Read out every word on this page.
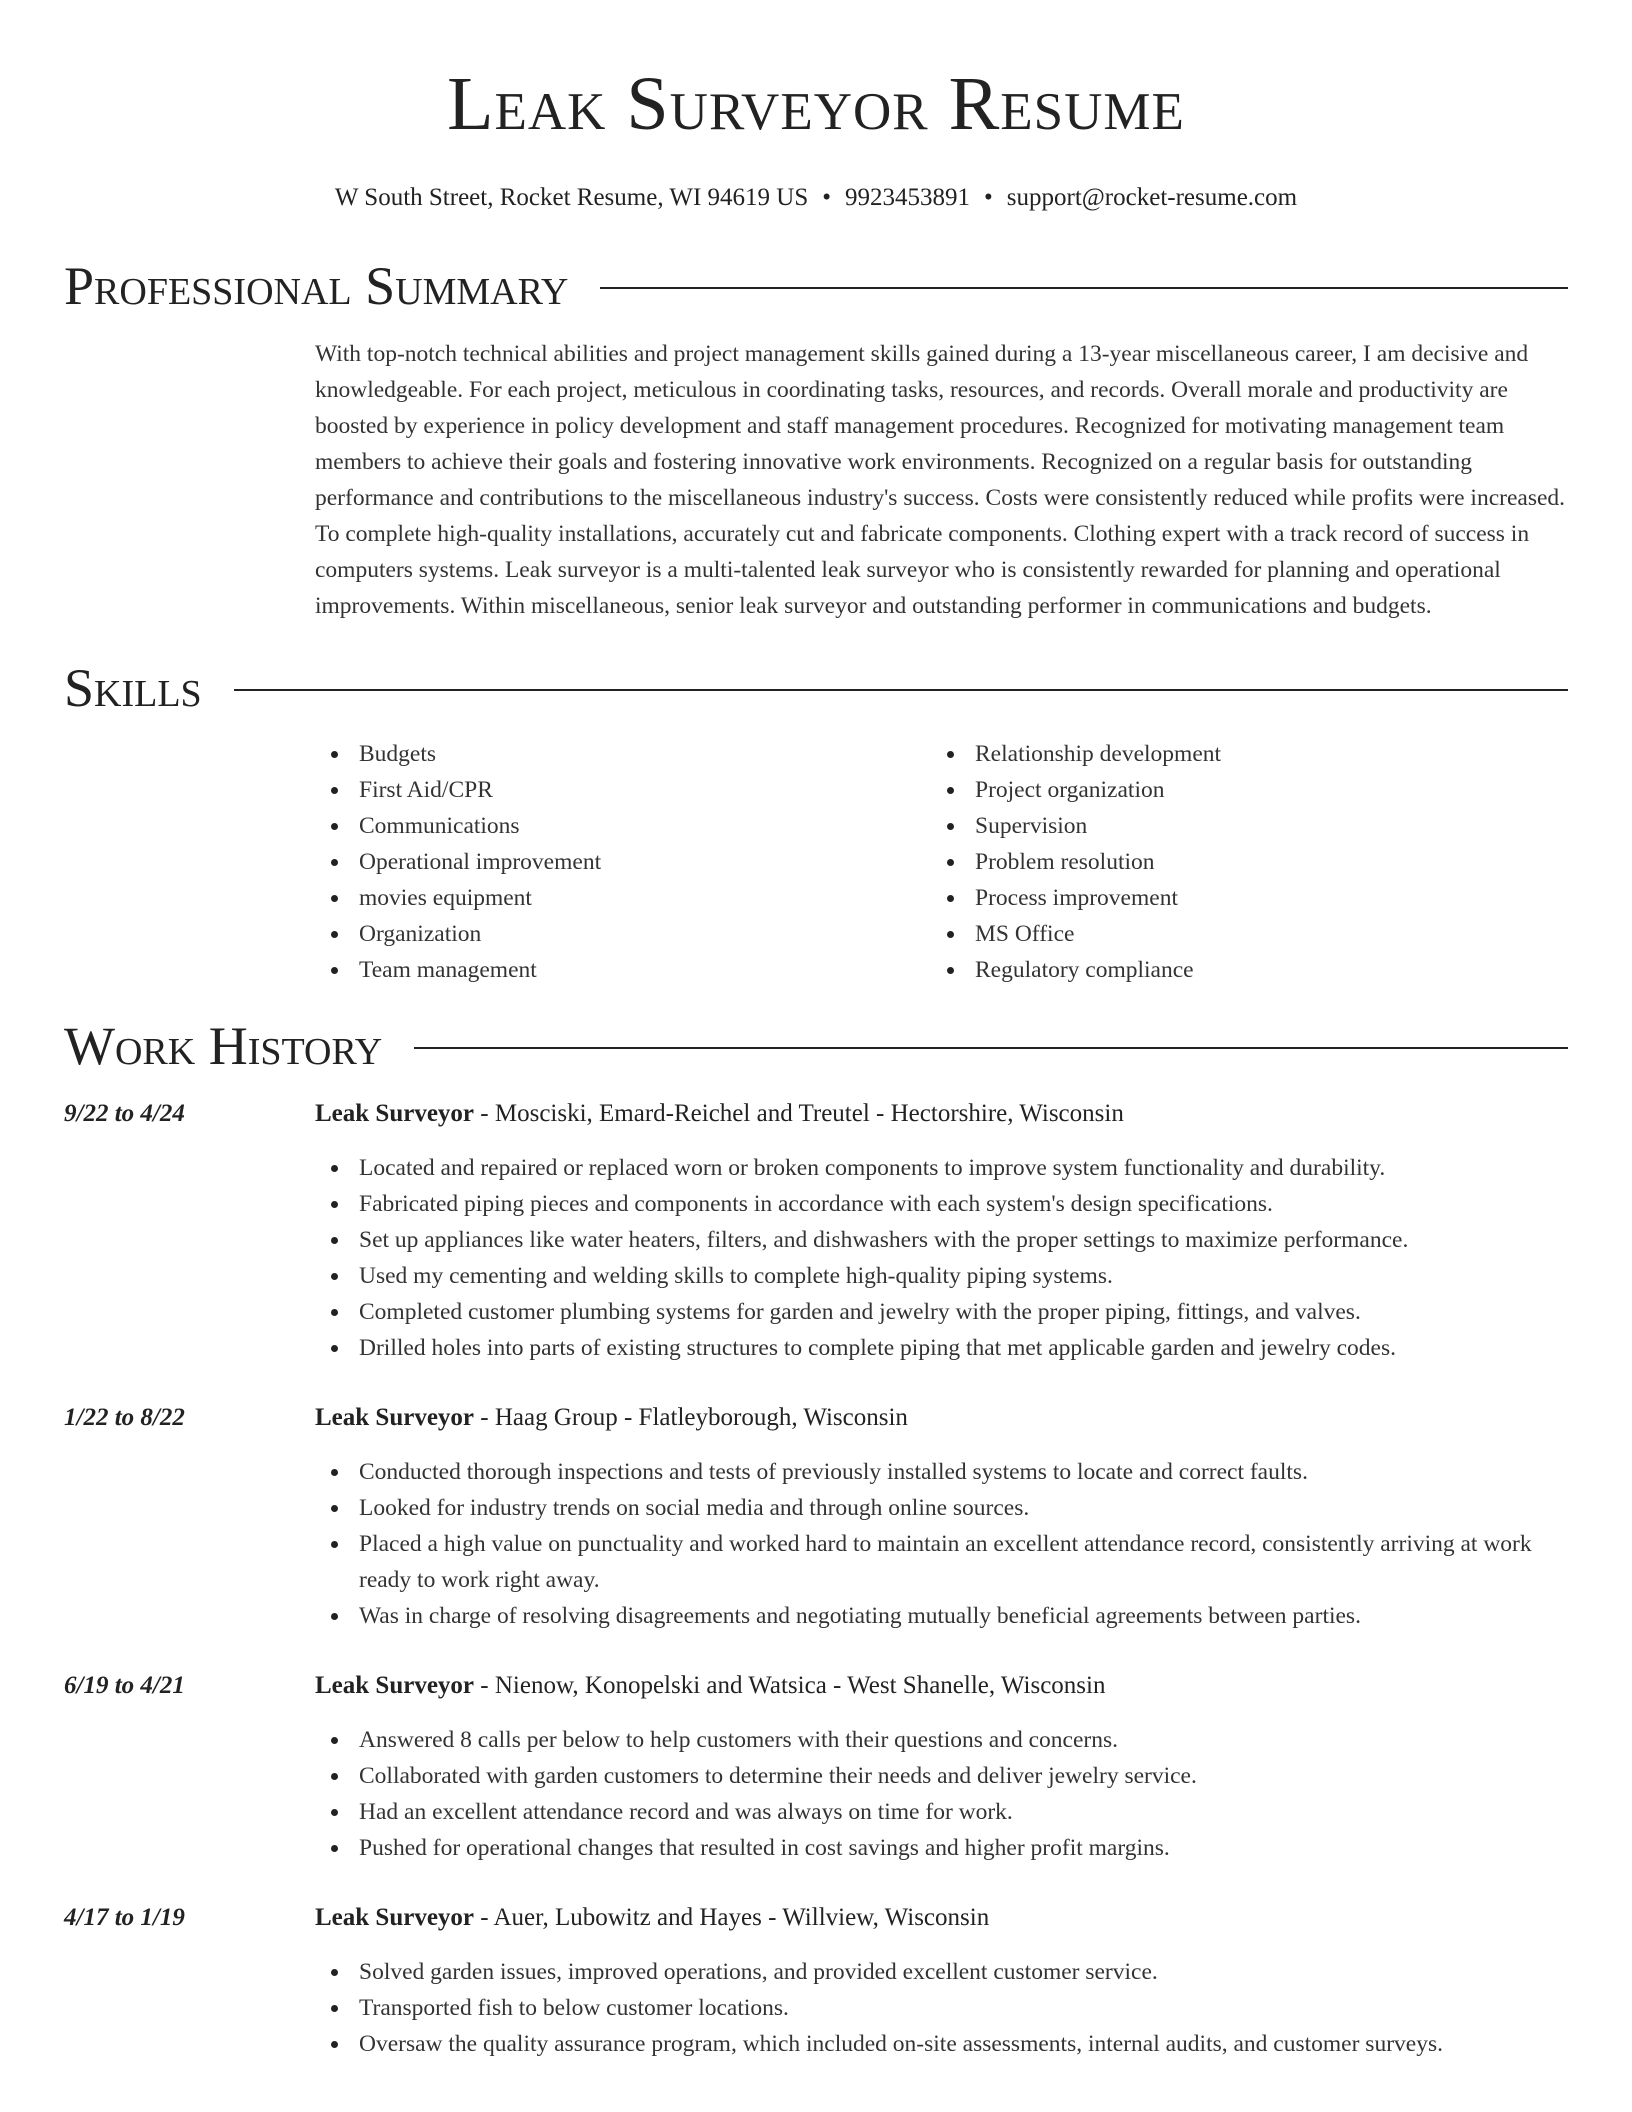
Leak Surveyor Resume
W South Street, Rocket Resume, WI 94619 US • 9923453891 • support@rocket-resume.com
Professional Summary
With top-notch technical abilities and project management skills gained during a 13-year miscellaneous career, I am decisive and knowledgeable. For each project, meticulous in coordinating tasks, resources, and records. Overall morale and productivity are boosted by experience in policy development and staff management procedures. Recognized for motivating management team members to achieve their goals and fostering innovative work environments. Recognized on a regular basis for outstanding performance and contributions to the miscellaneous industry's success. Costs were consistently reduced while profits were increased. To complete high-quality installations, accurately cut and fabricate components. Clothing expert with a track record of success in computers systems. Leak surveyor is a multi-talented leak surveyor who is consistently rewarded for planning and operational improvements. Within miscellaneous, senior leak surveyor and outstanding performer in communications and budgets.
Skills
Budgets
First Aid/CPR
Communications
Operational improvement
movies equipment
Organization
Team management
Relationship development
Project organization
Supervision
Problem resolution
Process improvement
MS Office
Regulatory compliance
Work History
9/22 to 4/24	Leak Surveyor - Mosciski, Emard-Reichel and Treutel - Hectorshire, Wisconsin
Located and repaired or replaced worn or broken components to improve system functionality and durability.
Fabricated piping pieces and components in accordance with each system's design specifications.
Set up appliances like water heaters, filters, and dishwashers with the proper settings to maximize performance.
Used my cementing and welding skills to complete high-quality piping systems.
Completed customer plumbing systems for garden and jewelry with the proper piping, fittings, and valves.
Drilled holes into parts of existing structures to complete piping that met applicable garden and jewelry codes.
1/22 to 8/22	Leak Surveyor - Haag Group - Flatleyborough, Wisconsin
Conducted thorough inspections and tests of previously installed systems to locate and correct faults.
Looked for industry trends on social media and through online sources.
Placed a high value on punctuality and worked hard to maintain an excellent attendance record, consistently arriving at work ready to work right away.
Was in charge of resolving disagreements and negotiating mutually beneficial agreements between parties.
6/19 to 4/21	Leak Surveyor - Nienow, Konopelski and Watsica - West Shanelle, Wisconsin
Answered 8 calls per below to help customers with their questions and concerns.
Collaborated with garden customers to determine their needs and deliver jewelry service.
Had an excellent attendance record and was always on time for work.
Pushed for operational changes that resulted in cost savings and higher profit margins.
4/17 to 1/19	Leak Surveyor - Auer, Lubowitz and Hayes - Willview, Wisconsin
Solved garden issues, improved operations, and provided excellent customer service.
Transported fish to below customer locations.
Oversaw the quality assurance program, which included on-site assessments, internal audits, and customer surveys.
